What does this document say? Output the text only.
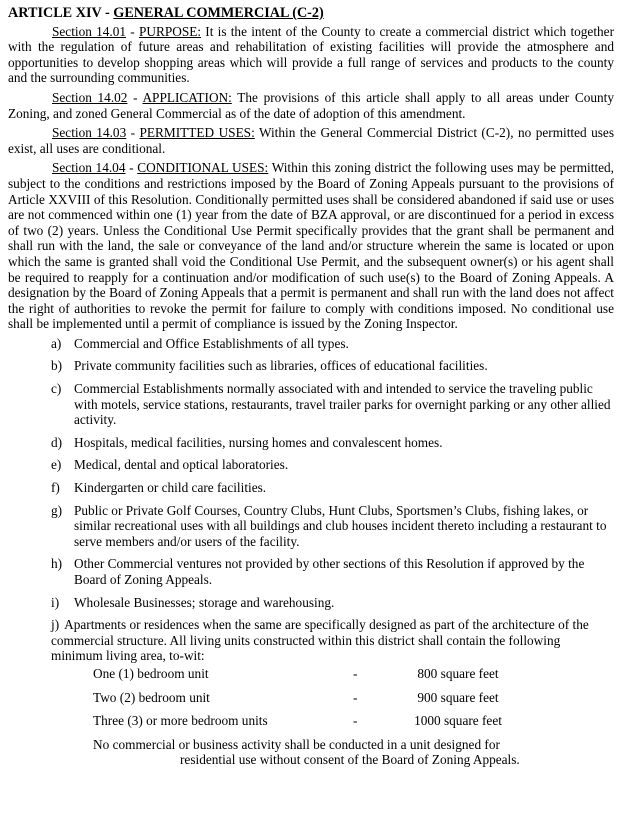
ARTICLE XIV - GENERAL COMMERCIAL (C-2)

Section 14.01 - PURPOSE: It is the intent of the County to create a commercial district which together with the regulation of future areas and rehabilitation of existing facilities will provide the atmosphere and opportunities to develop shopping areas which will provide a full range of services and products to the county and the surrounding communities.

Section 14.02 - APPLICATION: The provisions of this article shall apply to all areas under County Zoning, and zoned General Commercial as of the date of adoption of this amendment.

Section 14.03 - PERMITTED USES: Within the General Commercial District (C-2), no permitted uses exist, all uses are conditional.

Section 14.04 - CONDITIONAL USES: Within this zoning district the following uses may be permitted, subject to the conditions and restrictions imposed by the Board of Zoning Appeals pursuant to the provisions of Article XXVIII of this Resolution. Conditionally permitted uses shall be considered abandoned if said use or uses are not commenced within one (1) year from the date of BZA approval, or are discontinued for a period in excess of two (2) years. Unless the Conditional Use Permit specifically provides that the grant shall be permanent and shall run with the land, the sale or conveyance of the land and/or structure wherein the same is located or upon which the same is granted shall void the Conditional Use Permit, and the subsequent owner(s) or his agent shall be required to reapply for a continuation and/or modification of such use(s) to the Board of Zoning Appeals. A designation by the Board of Zoning Appeals that a permit is permanent and shall run with the land does not affect the right of authorities to revoke the permit for failure to comply with conditions imposed. No conditional use shall be implemented until a permit of compliance is issued by the Zoning Inspector.

a) Commercial and Office Establishments of all types.
b) Private community facilities such as libraries, offices of educational facilities.
c) Commercial Establishments normally associated with and intended to service the traveling public with motels, service stations, restaurants, travel trailer parks for overnight parking or any other allied activity.
d) Hospitals, medical facilities, nursing homes and convalescent homes.
e) Medical, dental and optical laboratories.
f) Kindergarten or child care facilities.
g) Public or Private Golf Courses, Country Clubs, Hunt Clubs, Sportsmen’s Clubs, fishing lakes, or similar recreational uses with all buildings and club houses incident thereto including a restaurant to serve members and/or users of the facility.
h) Other Commercial ventures not provided by other sections of this Resolution if approved by the Board of Zoning Appeals.
i) Wholesale Businesses; storage and warehousing.

j) Apartments or residences when the same are specifically designed as part of the architecture of the commercial structure. All living units constructed within this district shall contain the following minimum living area, to-wit:

One (1) bedroom unit	-	800 square feet
Two (2) bedroom unit	-	900 square feet
Three (3) or more bedroom units	-	1000 square feet

No commercial or business activity shall be conducted in a unit designed for
residential use without consent of the Board of Zoning Appeals.
